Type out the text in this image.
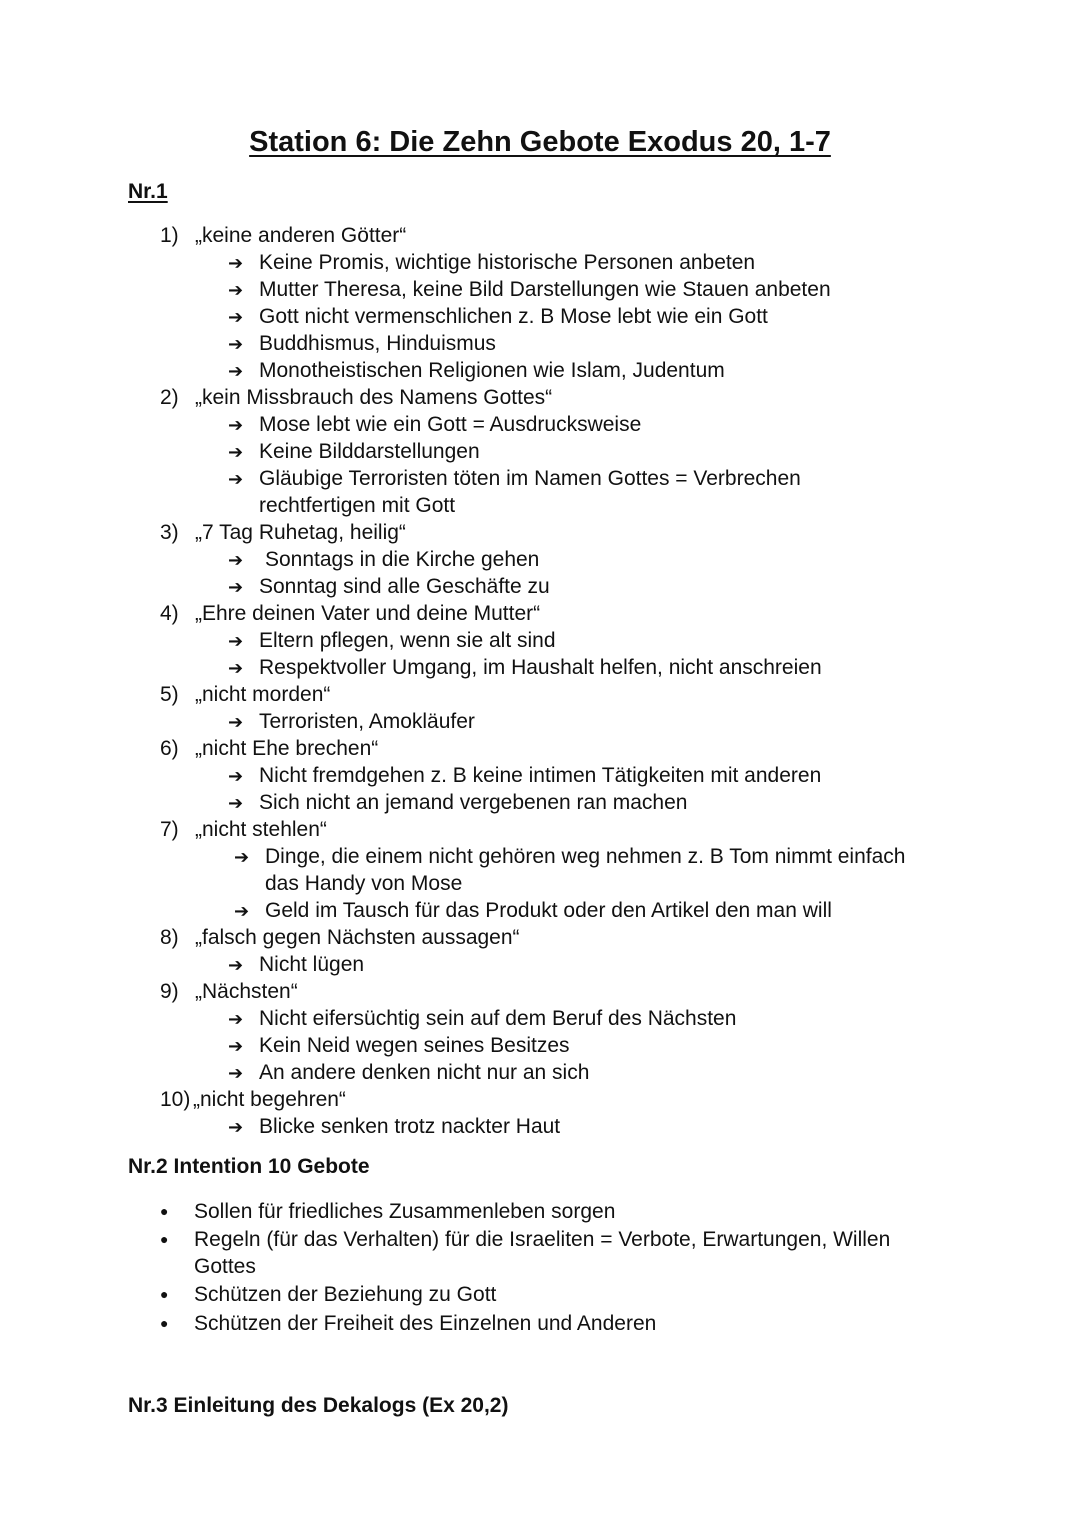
Station 6: Die Zehn Gebote Exodus 20, 1-7
Nr.1
1) „keine anderen Götter“
➔ Keine Promis, wichtige historische Personen anbeten
➔ Mutter Theresa, keine Bild Darstellungen wie Stauen anbeten
➔ Gott nicht vermenschlichen z. B Mose lebt wie ein Gott
➔ Buddhismus, Hinduismus
➔ Monotheistischen Religionen wie Islam, Judentum
2) „kein Missbrauch des Namens Gottes“
➔ Mose lebt wie ein Gott = Ausdrucksweise
➔ Keine Bilddarstellungen
➔ Gläubige Terroristen töten im Namen Gottes = Verbrechen
rechtfertigen mit Gott
3) „7 Tag Ruhetag, heilig“
➔ Sonntags in die Kirche gehen
➔ Sonntag sind alle Geschäfte zu
4) „Ehre deinen Vater und deine Mutter“
➔ Eltern pflegen, wenn sie alt sind
➔ Respektvoller Umgang, im Haushalt helfen, nicht anschreien
5) „nicht morden“
➔ Terroristen, Amokläufer
6) „nicht Ehe brechen“
➔ Nicht fremdgehen z. B keine intimen Tätigkeiten mit anderen
➔ Sich nicht an jemand vergebenen ran machen
7) „nicht stehlen“
➔ Dinge, die einem nicht gehören weg nehmen z. B Tom nimmt einfach
das Handy von Mose
➔ Geld im Tausch für das Produkt oder den Artikel den man will
8) „falsch gegen Nächsten aussagen“
➔ Nicht lügen
9) „Nächsten“
➔ Nicht eifersüchtig sein auf dem Beruf des Nächsten
➔ Kein Neid wegen seines Besitzes
➔ An andere denken nicht nur an sich
10) „nicht begehren“
➔ Blicke senken trotz nackter Haut
Nr.2 Intention 10 Gebote
● Sollen für friedliches Zusammenleben sorgen
● Regeln (für das Verhalten) für die Israeliten = Verbote, Erwartungen, Willen
Gottes
● Schützen der Beziehung zu Gott
● Schützen der Freiheit des Einzelnen und Anderen
Nr.3 Einleitung des Dekalogs (Ex 20,2)
